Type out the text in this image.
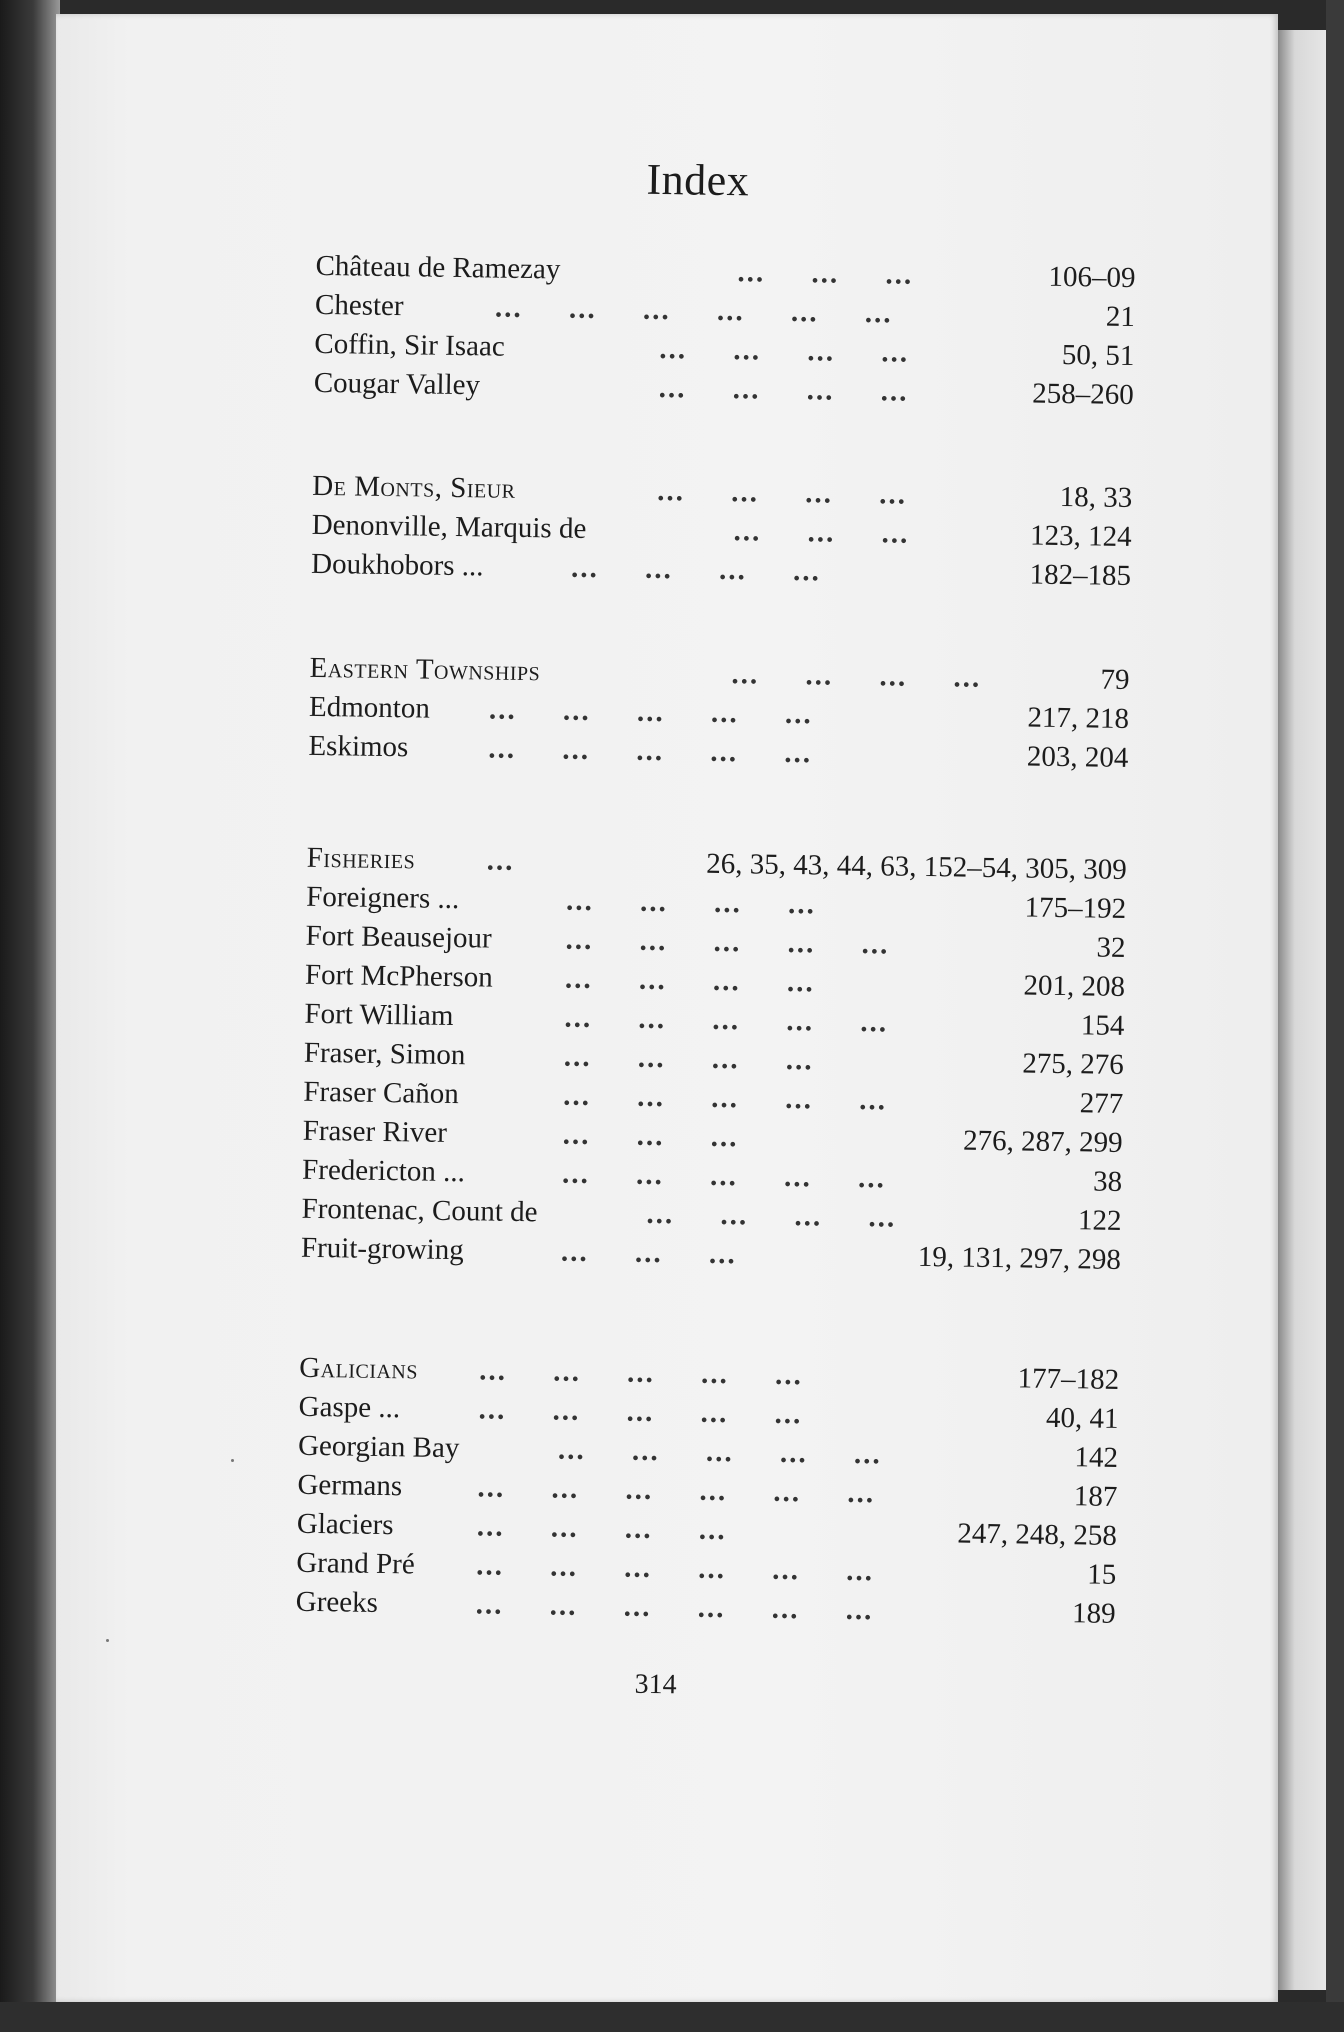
Index
Château de Ramezay	...     ...     ...	106–09
Chester	...     ...     ...     ...     ...     ...	21
Coffin, Sir Isaac	...     ...     ...     ...	50, 51
Cougar Valley	...     ...     ...     ...	258–260
De Monts, Sieur	...     ...     ...     ...	18, 33
Denonville, Marquis de	...     ...     ...	123, 124
Doukhobors ...	...     ...     ...     ...	182–185
Eastern Townships	...     ...     ...     ...	79
Edmonton ...     ...     ...     ...     ...	217, 218
Eskimos	...     ...     ...     ...     ...	203, 204
Fisheries ...	26, 35, 43, 44, 63, 152–54, 305, 309
Foreigners ...	...     ...     ...     ...	175–192
Fort Beausejour	...     ...     ...     ...     ...	32
Fort McPherson ...     ...     ...     ...	201, 208
Fort William	...     ...     ...     ...     ...	154
Fraser, Simon	...     ...     ...     ...	275, 276
Fraser Cañon	...     ...     ...     ...     ...	277
Fraser River	...     ...     ...	276, 287, 299
Fredericton ...	...     ...     ...     ...     ...	38
Frontenac, Count de	...     ...     ...     ...	122
Fruit-growing	...     ...     ...	19, 131, 297, 298
Galicians ...     ...     ...     ...     ...	177–182
Gaspe ...	...     ...     ...     ...     ...	40, 41
Georgian Bay	...     ...     ...     ...     ...	142
Germans	...     ...     ...     ...     ...     ...	187
Glaciers	...     ...     ...     ...	247, 248, 258
Grand Pré ...     ...     ...     ...     ...     ...	15
Greeks	...     ...     ...     ...     ...     ...	189
314
